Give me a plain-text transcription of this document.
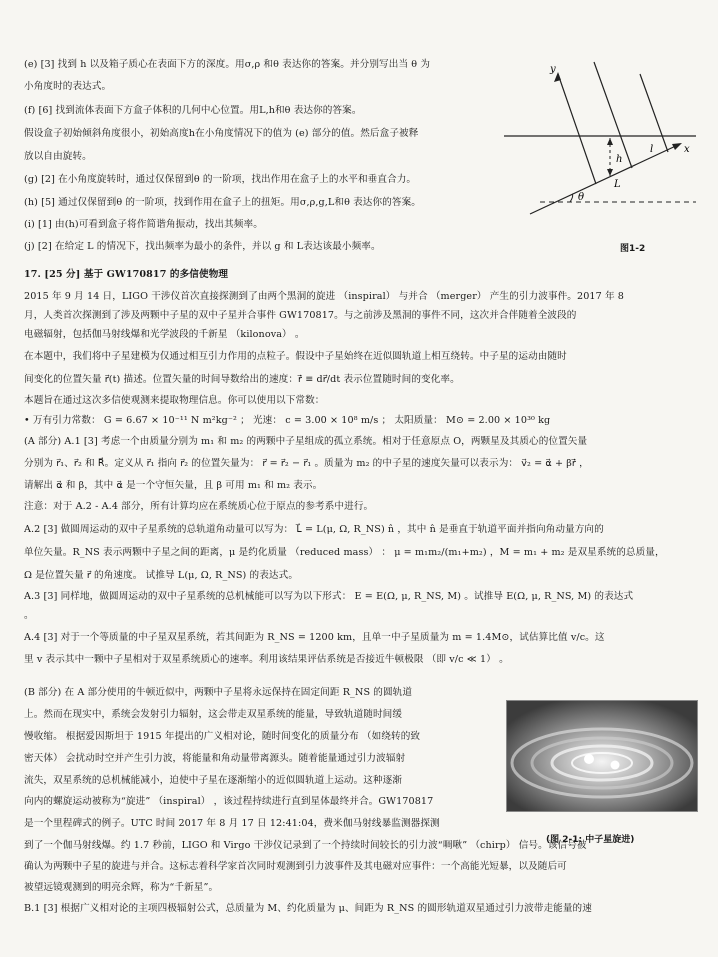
(e) [3] 找到 h 以及箱子质心在表面下方的深度。用σ,ρ 和θ 表达你的答案。并分别写出当 θ 为
小角度时的表达式。
(f) [6] 找到流体表面下方盒子体积的几何中心位置。用L,h和θ 表达你的答案。
假设盒子初始倾斜角度很小，初始高度h在小角度情况下的值为 (e) 部分的值。然后盒子被释
放以自由旋转。
(g) [2] 在小角度旋转时，通过仅保留到θ 的一阶项，找出作用在盒子上的水平和垂直合力。
(h) [5] 通过仅保留到θ 的一阶项，找到作用在盒子上的扭矩。用σ,ρ,g,L和θ 表达你的答案。
(i) [1] 由(h)可看到盒子将作简谐角振动，找出其频率。
(j) [2] 在给定 L 的情况下，找出频率为最小的条件，并以 g 和 L表达该最小频率。
y
x
h
l
L
θ
图1-2
17. [25 分] 基于 GW170817 的多信使物理
2015 年 9 月 14 日，LIGO 干涉仪首次直接探测到了由两个黑洞的旋进 （inspiral） 与并合 （merger） 产生的引力波事件。2017 年 8
月，人类首次探测到了涉及两颗中子星的双中子星并合事件 GW170817。与之前涉及黑洞的事件不同，这次并合伴随着全波段的
电磁辐射，包括伽马射线爆和光学波段的千新星 （kilonova） 。
在本题中，我们将中子星建模为仅通过相互引力作用的点粒子。假设中子星始终在近似圆轨道上相互绕转。中子星的运动由随时
间变化的位置矢量 r⃗(t) 描述。位置矢量的时间导数给出的速度：ṙ⃗ ≡ dr⃗/dt 表示位置随时间的变化率。
本题旨在通过这次多信使观测来提取物理信息。你可以使用以下常数：
• 万有引力常数： G = 6.67 × 10⁻¹¹ N m²kg⁻² ； 光速： c = 3.00 × 10⁸ m/s ； 太阳质量： M⊙ = 2.00 × 10³⁰ kg
(A 部分) A.1 [3] 考虑一个由质量分别为 m₁ 和 m₂ 的两颗中子星组成的孤立系统。相对于任意原点 O，两颗星及其质心的位置矢量
分别为 r⃗₁、r⃗₂ 和 R⃗。定义从 r⃗₁ 指向 r⃗₂ 的位置矢量为： r⃗ = r⃗₂ − r⃗₁ 。质量为 m₂ 的中子星的速度矢量可以表示为： v⃗₂ = α⃗ + βṙ⃗ ，
请解出 α⃗ 和 β，其中 α⃗ 是一个守恒矢量，且 β 可用 m₁ 和 m₂ 表示。
注意：对于 A.2 - A.4 部分，所有计算均应在系统质心位于原点的参考系中进行。
A.2 [3] 做圆周运动的双中子星系统的总轨道角动量可以写为： L⃗ = L(μ, Ω, R_NS) n̂ ，其中 n̂ 是垂直于轨道平面并指向角动量方向的
单位矢量。R_NS 表示两颗中子星之间的距离，μ 是约化质量 （reduced mass） ： μ = m₁m₂/(m₁+m₂) ，M = m₁ + m₂ 是双星系统的总质量，
Ω 是位置矢量 r⃗ 的角速度。 试推导 L(μ, Ω, R_NS) 的表达式。
A.3 [3] 同样地，做圆周运动的双中子星系统的总机械能可以写为以下形式： E = E(Ω, μ, R_NS, M) 。试推导 E(Ω, μ, R_NS, M) 的表达式
。
A.4 [3] 对于一个等质量的中子星双星系统，若其间距为 R_NS = 1200 km，且单一中子星质量为 m = 1.4M⊙，试估算比值 v/c。这
里 v 表示其中一颗中子星相对于双星系统质心的速率。利用该结果评估系统是否接近牛顿极限 （即 v/c ≪ 1） 。
(B 部分) 在 A 部分使用的牛顿近似中，两颗中子星将永远保持在固定间距 R_NS 的圆轨道
上。然而在现实中，系统会发射引力辐射，这会带走双星系统的能量，导致轨道随时间缓
慢收缩。 根据爱因斯坦于 1915 年提出的广义相对论，随时间变化的质量分布 （如绕转的致
密天体） 会扰动时空并产生引力波，将能量和角动量带离源头。随着能量通过引力波辐射
流失，双星系统的总机械能减小，迫使中子星在逐渐缩小的近似圆轨道上运动。这种逐渐
向内的螺旋运动被称为“旋进” （inspiral） ，该过程持续进行直到星体最终并合。GW170817
是一个里程碑式的例子。UTC 时间 2017 年 8 月 17 日 12:41:04，费米伽马射线暴监测器探测
(图 2-1: 中子星旋进)
到了一个伽马射线爆。约 1.7 秒前，LIGO 和 Virgo 干涉仪记录到了一个持续时间较长的引力波“啁啾” （chirp） 信号。该信号被
确认为两颗中子星的旋进与并合。这标志着科学家首次同时观测到引力波事件及其电磁对应事件：一个高能光短暴，以及随后可
被望远镜观测到的明亮余辉，称为“千新星”。
B.1 [3] 根据广义相对论的主项四极辐射公式，总质量为 M、约化质量为 μ、间距为 R_NS 的圆形轨道双星通过引力波带走能量的速
